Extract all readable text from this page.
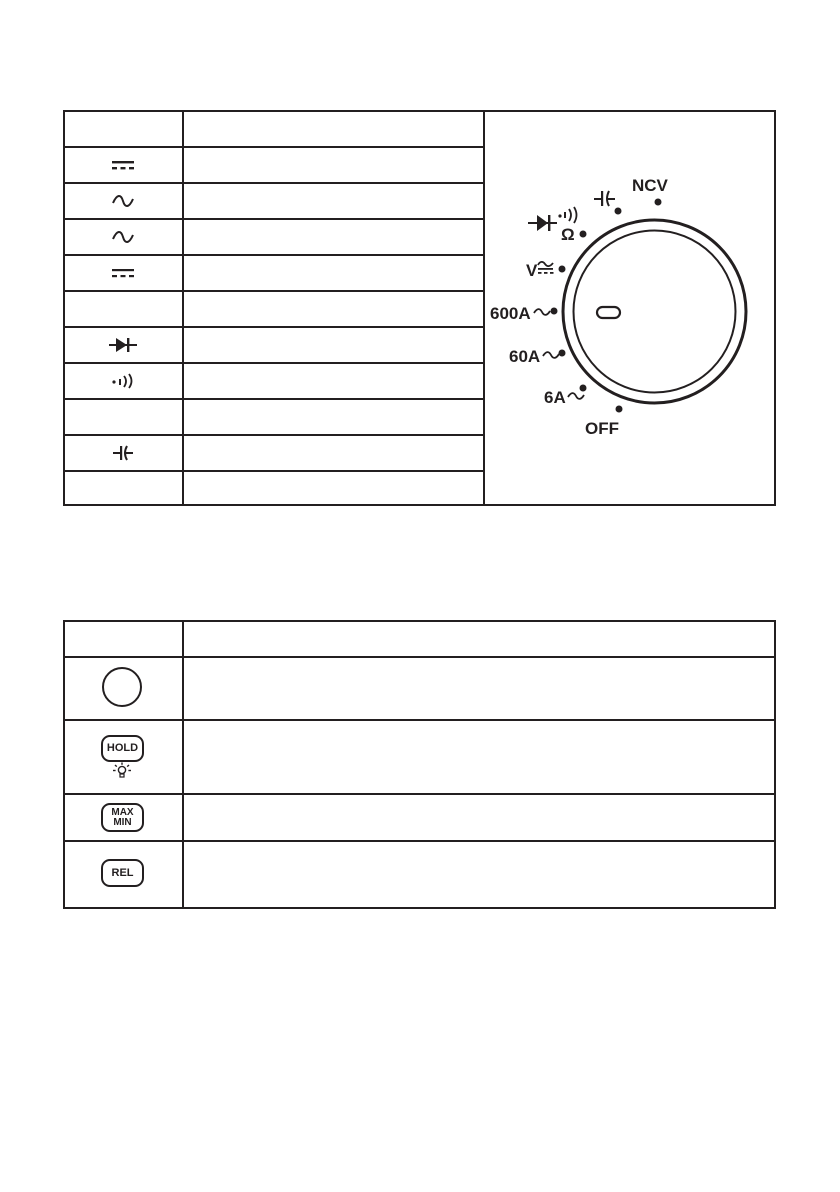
NCV
Ω
V
600A
60A
6A
OFF
HOLD
MAX
MIN
REL
